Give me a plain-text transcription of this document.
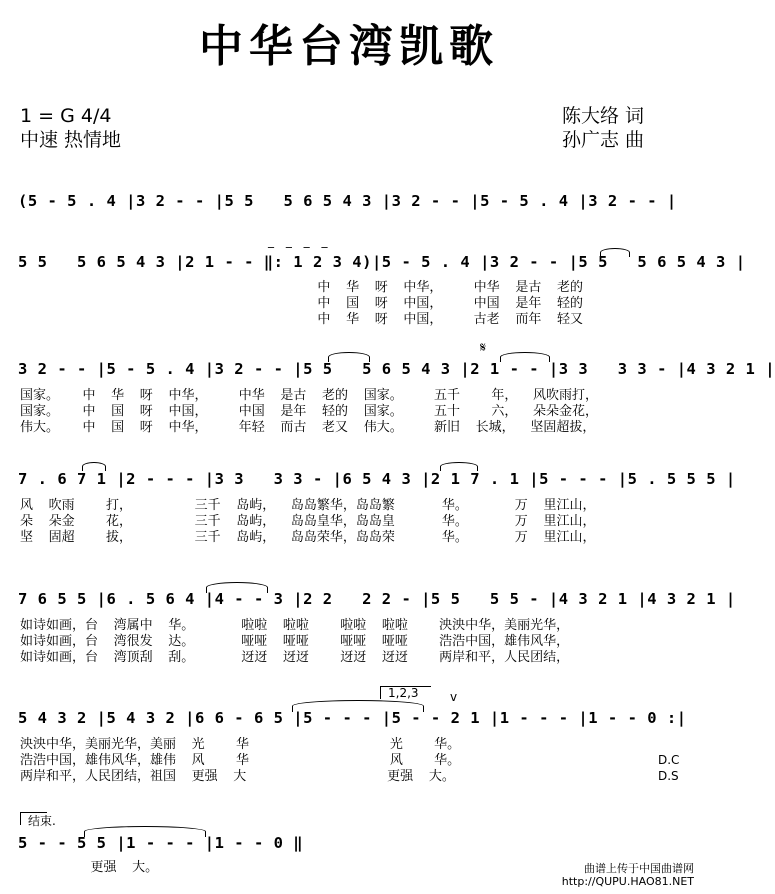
中华台湾凯歌
1 = G 4/4
中速 热情地
陈大络 词
孙广志 曲
(5 - 5 . 4 |3 2 - - |5 5   5 6 5 4 3 |3 2 - - |5 - 5 . 4 |3 2 - - |
_ _ _ _
5 5   5 6 5 4 3 |2 1 - - ‖: 1 2 3 4)|5 - 5 . 4 |3 2 - - |5 5   5 6 5 4 3 |
中  华  呀  中华，    中华  是古  老的
中  国  呀  中国，    中国  是年  轻的
中  华  呀  中国，    古老  而年  轻又
𝄋
3 2 - - |5 - 5 . 4 |3 2 - - |5 5   5 6 5 4 3 |2 1 - - |3 3   3 3 - |4 3 2 1 |
国家。   中  华  呀  中华，    中华  是古  老的  国家。    五千    年，  风吹雨打，
国家。   中  国  呀  中国，    中国  是年  轻的  国家。    五十    六，  朵朵金花，
伟大。   中  国  呀  中华，    年轻  而古  老又  伟大。    新旧  长城，  坚固超拔，
7 . 6 7 1 |2 - - - |3 3   3 3 - |6 5 4 3 |2 1 7 . 1 |5 - - - |5 . 5 5 5 |
风  吹雨    打，        三千  岛屿，  岛岛繁华，岛岛繁      华。      万  里江山，
朵  朵金    花，        三千  岛屿，  岛岛皇华，岛岛皇      华。      万  里江山，
坚  固超    拔，        三千  岛屿，  岛岛荣华，岛岛荣      华。      万  里江山，
7 6 5 5 |6 . 5 6 4 |4 - - 3 |2 2   2 2 - |5 5   5 5 - |4 3 2 1 |4 3 2 1 |
如诗如画，台  湾属中  华。      啦啦  啦啦    啦啦  啦啦    泱泱中华，美丽光华，
如诗如画，台  湾很发  达。      哑哑  哑哑    哑哑  哑哑    浩浩中国，雄伟风华，
如诗如画，台  湾顶刮  刮。      迓迓  迓迓    迓迓  迓迓    两岸和平，人民团结，
1,2,3	v
5 4 3 2 |5 4 3 2 |6 6 - 6 5 |5 - - - |5 - - 2 1 |1 - - - |1 - - 0 :|
泱泱中华，美丽光华，美丽  光    华                  光    华。
浩浩中国，雄伟风华，雄伟  风    华                  风    华。
两岸和平，人民团结，祖国  更强  大                  更强  大。
D.C
D.S
结束.
5 - - 5 5 |1 - - - |1 - - 0 ‖
更强  大。	曲谱上传于中国曲谱网
http://QUPU.HAO81.NET
